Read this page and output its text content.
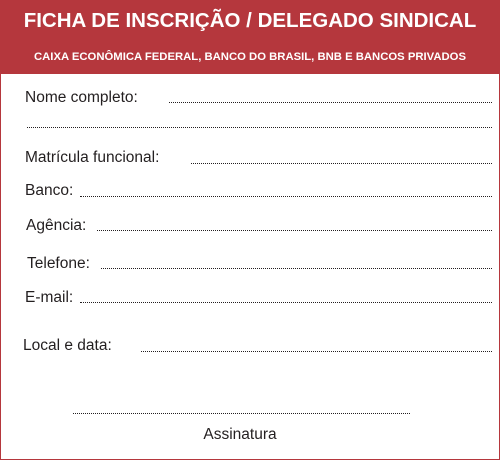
FICHA DE INSCRIÇÃO / DELEGADO SINDICAL
CAIXA ECONÔMICA FEDERAL, BANCO DO BRASIL, BNB E BANCOS PRIVADOS
Nome completo:
Matrícula funcional:
Banco:
Agência:
Telefone:
E-mail:
Local e data:
Assinatura
